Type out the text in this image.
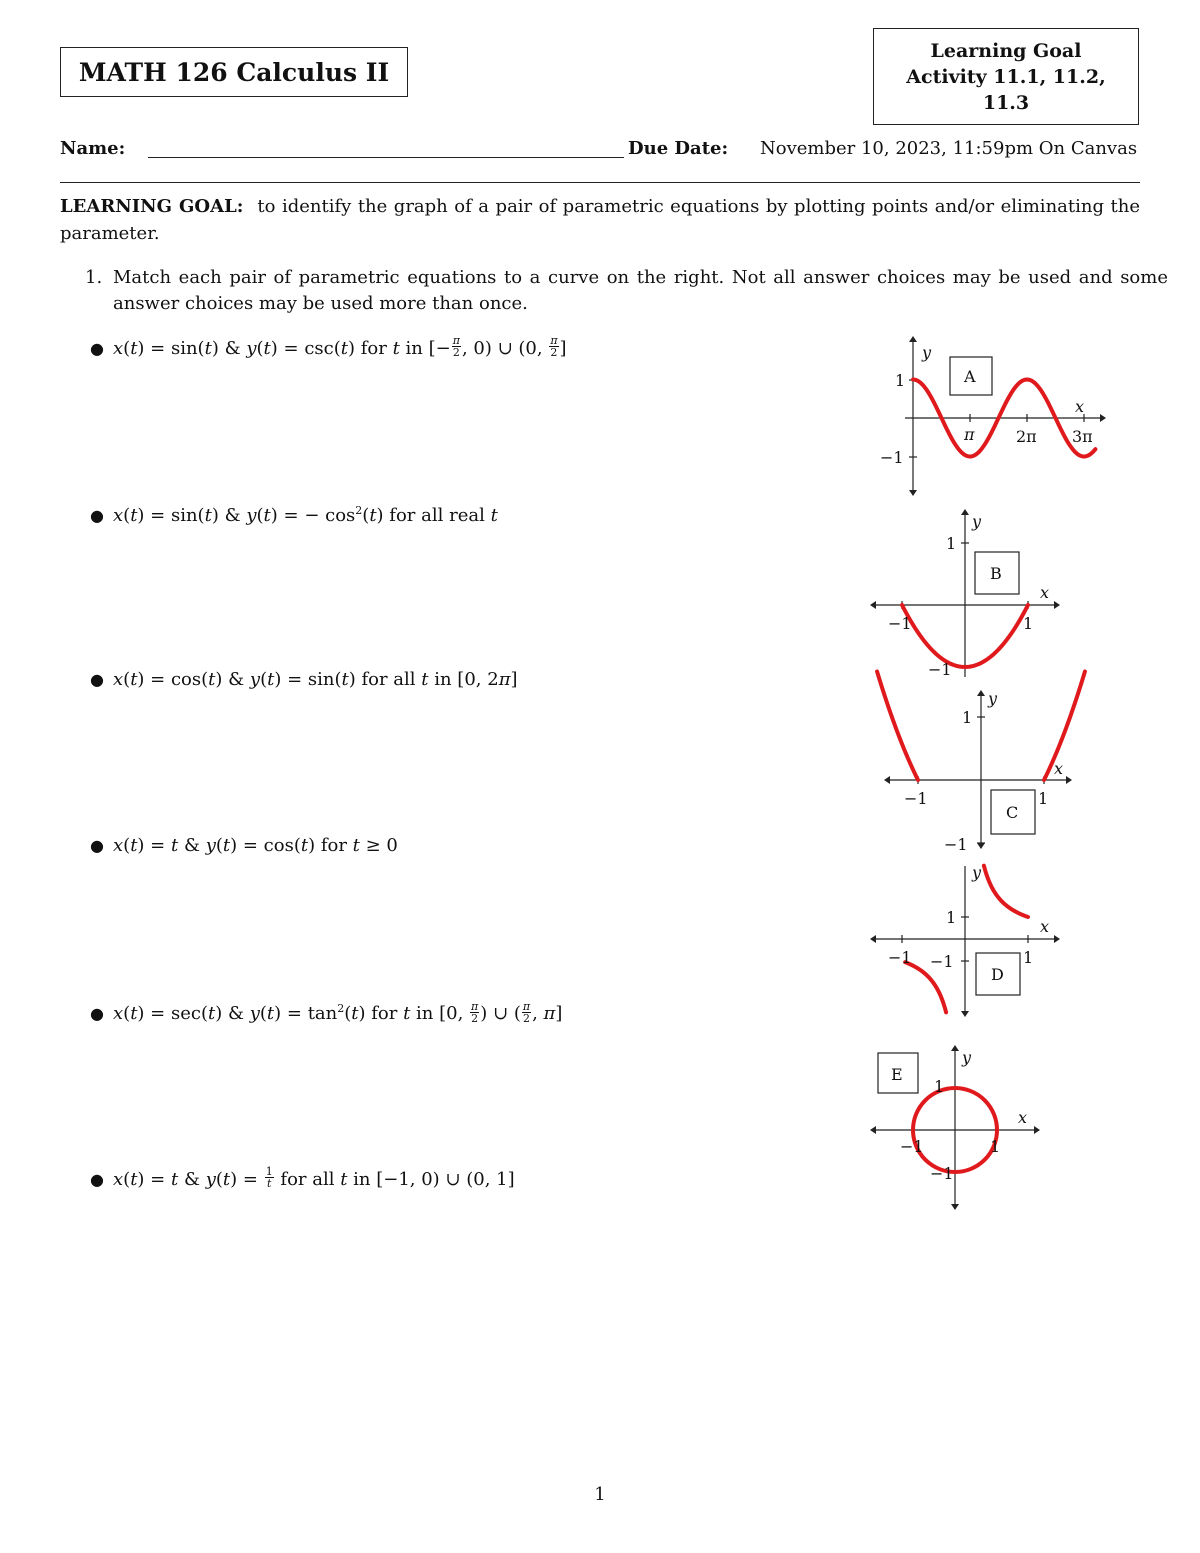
MATH 126 Calculus II
Learning Goal
Activity 11.1, 11.2,
11.3
Name:	Due Date: November 10, 2023, 11:59pm On Canvas
LEARNING GOAL: to identify the graph of a pair of parametric equations by plotting points and/or eliminating the parameter.
1. Match each pair of parametric equations to a curve on the right. Not all answer choices may be used and some answer choices may be used more than once.
● x(t) = sin(t) & y(t) = csc(t) for t in [− $\frac{\pi}{2}$ , 0) ∪ (0, $\frac{\pi}{2}$ ]
● x(t) = sin(t) & y(t) = − $\cos^2(t)$ for all real t
● x(t) = cos(t) & y(t) = sin(t) for all t in [0, 2π]
● x(t) = t & y(t) = cos(t) for t ≥ 0
● x(t) = sec(t) & $y(t) = \tan^2(t)$ for t in [0, $\frac{\pi}{2}$ ) ∪ ( $\frac{\pi}{2}$ , π]
● x(t) = t & $y(t) = \frac{1}{t}$ for all t in [−1, 0) ∪ (0, 1]
A
y
x
1
−1
π	2π 3π
B
y
x
1
−1
−1	1
C
y
x
1
−1	1
−1
D
y
x
1
−1
−1	1
E
y
x
1
−1	1
−1
1
